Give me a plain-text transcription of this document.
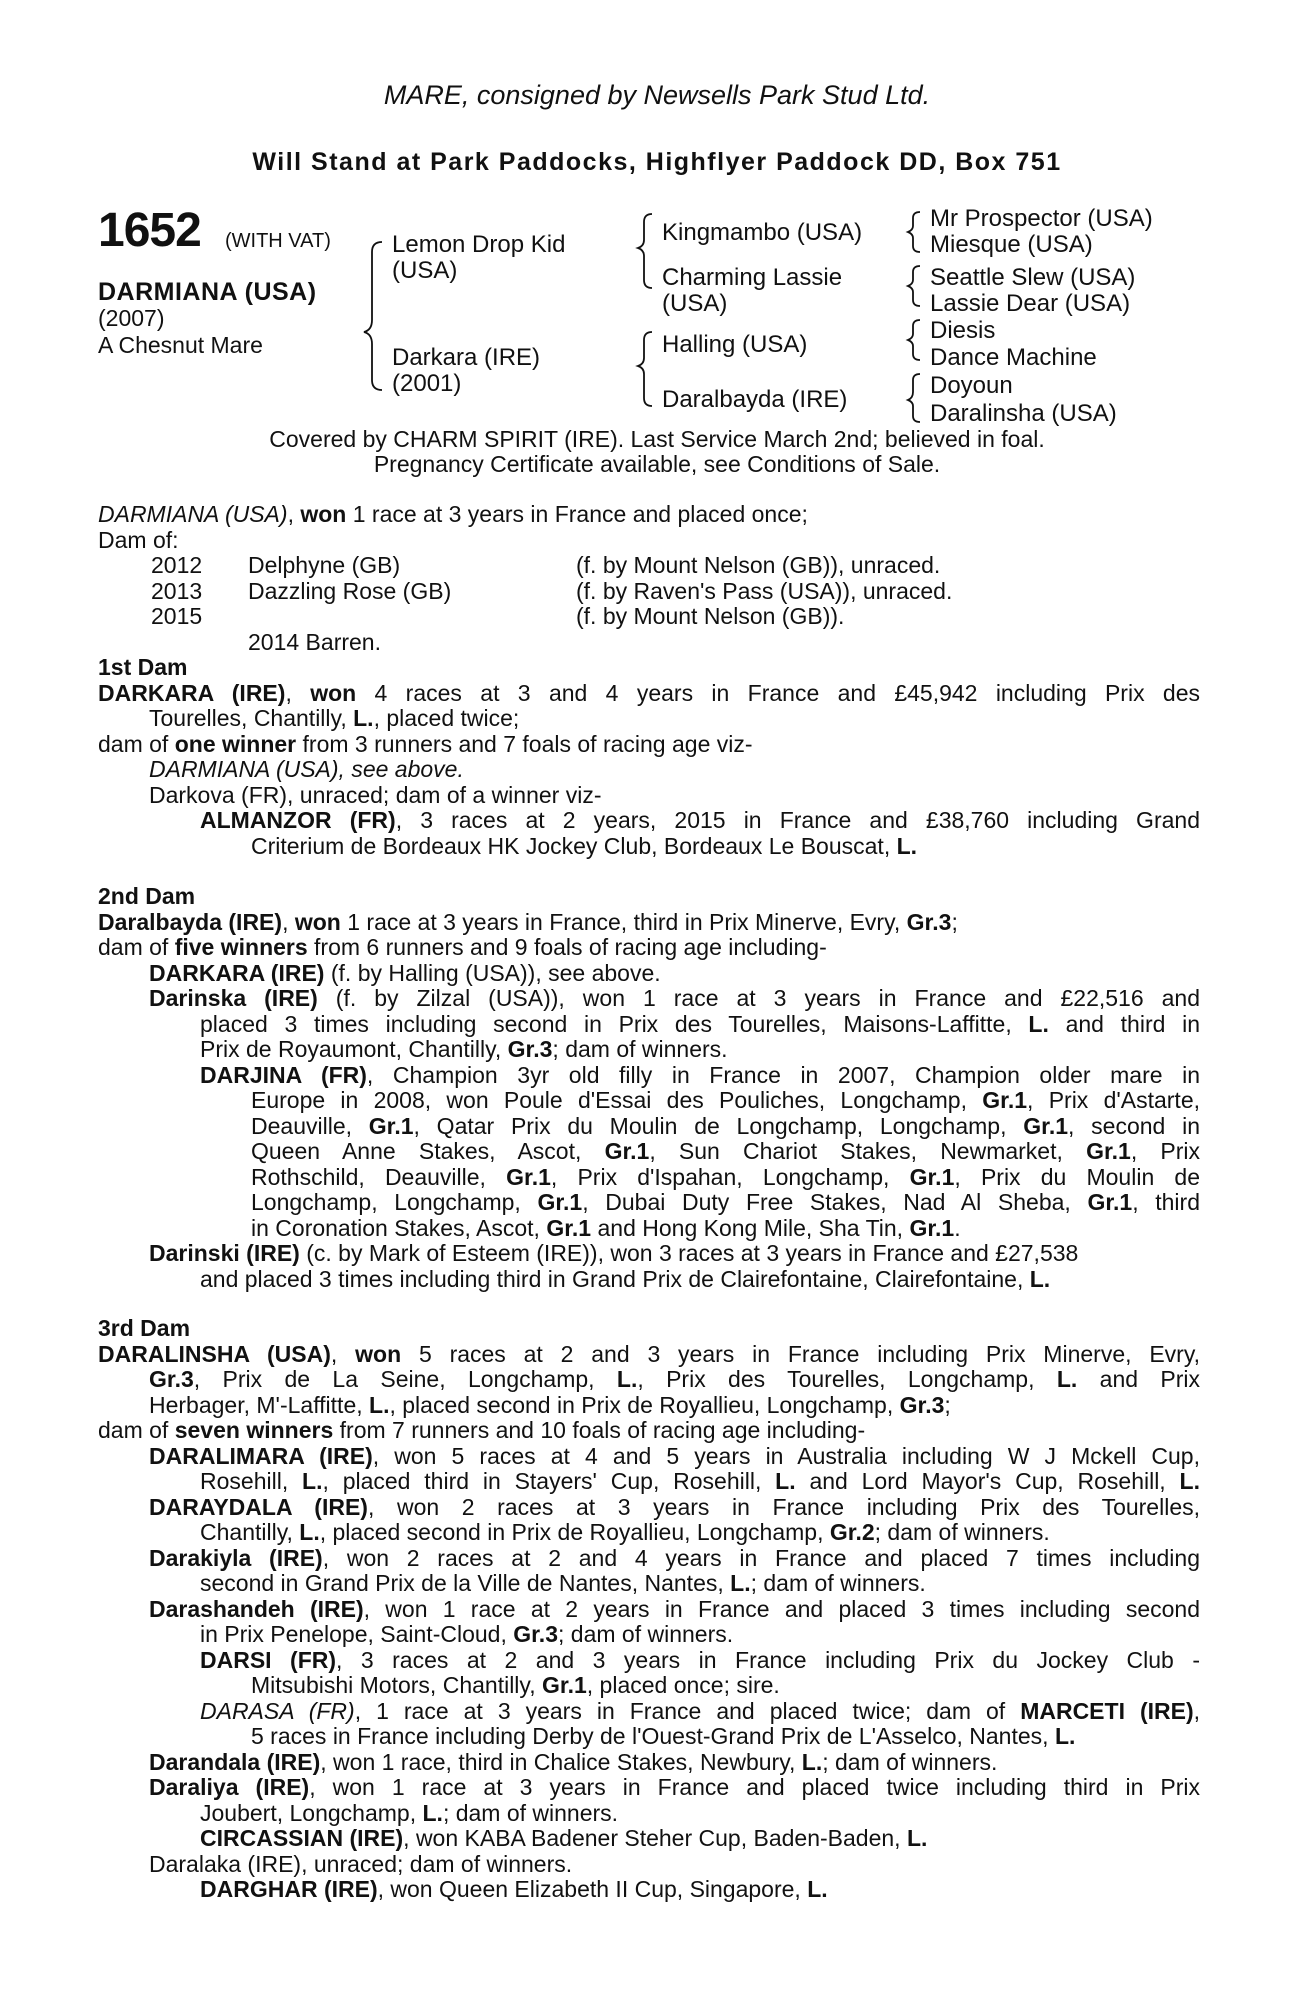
MARE, consigned by Newsells Park Stud Ltd.
Will Stand at Park Paddocks, Highflyer Paddock DD, Box 751
1652 (WITH VAT)
DARMIANA (USA)
(2007)
A Chesnut Mare
Lemon Drop Kid
(USA)
Darkara (IRE)
(2001)
Kingmambo (USA)
Charming Lassie
(USA)
Halling (USA)
Daralbayda (IRE)
Mr Prospector (USA)
Miesque (USA)
Seattle Slew (USA)
Lassie Dear (USA)
Diesis
Dance Machine
Doyoun
Daralinsha (USA)
Covered by CHARM SPIRIT (IRE). Last Service March 2nd; believed in foal.
Pregnancy Certificate available, see Conditions of Sale.
DARMIANA (USA), won 1 race at 3 years in France and placed once;
Dam of:
2012 Delphyne (GB)	(f. by Mount Nelson (GB)), unraced.
2013 Dazzling Rose (GB)	(f. by Raven's Pass (USA)), unraced.
2015	(f. by Mount Nelson (GB)).
2014 Barren.
1st Dam
DARKARA (IRE), won 4 races at 3 and 4 years in France and £45,942 including Prix des
Tourelles, Chantilly, L., placed twice;
dam of one winner from 3 runners and 7 foals of racing age viz-
DARMIANA (USA), see above.
Darkova (FR), unraced; dam of a winner viz-
ALMANZOR (FR), 3 races at 2 years, 2015 in France and £38,760 including Grand
Criterium de Bordeaux HK Jockey Club, Bordeaux Le Bouscat, L.
2nd Dam
Daralbayda (IRE), won 1 race at 3 years in France, third in Prix Minerve, Evry, Gr.3;
dam of five winners from 6 runners and 9 foals of racing age including-
DARKARA (IRE) (f. by Halling (USA)), see above.
Darinska (IRE) (f. by Zilzal (USA)), won 1 race at 3 years in France and £22,516 and
placed 3 times including second in Prix des Tourelles, Maisons-Laffitte, L. and third in
Prix de Royaumont, Chantilly, Gr.3; dam of winners.
DARJINA (FR), Champion 3yr old filly in France in 2007, Champion older mare in
Europe in 2008, won Poule d'Essai des Pouliches, Longchamp, Gr.1, Prix d'Astarte,
Deauville, Gr.1, Qatar Prix du Moulin de Longchamp, Longchamp, Gr.1, second in
Queen Anne Stakes, Ascot, Gr.1, Sun Chariot Stakes, Newmarket, Gr.1, Prix
Rothschild, Deauville, Gr.1, Prix d'Ispahan, Longchamp, Gr.1, Prix du Moulin de
Longchamp, Longchamp, Gr.1, Dubai Duty Free Stakes, Nad Al Sheba, Gr.1, third
in Coronation Stakes, Ascot, Gr.1 and Hong Kong Mile, Sha Tin, Gr.1.
Darinski (IRE) (c. by Mark of Esteem (IRE)), won 3 races at 3 years in France and £27,538
and placed 3 times including third in Grand Prix de Clairefontaine, Clairefontaine, L.
3rd Dam
DARALINSHA (USA), won 5 races at 2 and 3 years in France including Prix Minerve, Evry,
Gr.3, Prix de La Seine, Longchamp, L., Prix des Tourelles, Longchamp, L. and Prix
Herbager, M'-Laffitte, L., placed second in Prix de Royallieu, Longchamp, Gr.3;
dam of seven winners from 7 runners and 10 foals of racing age including-
DARALIMARA (IRE), won 5 races at 4 and 5 years in Australia including W J Mckell Cup,
Rosehill, L., placed third in Stayers' Cup, Rosehill, L. and Lord Mayor's Cup, Rosehill, L.
DARAYDALA (IRE), won 2 races at 3 years in France including Prix des Tourelles,
Chantilly, L., placed second in Prix de Royallieu, Longchamp, Gr.2; dam of winners.
Darakiyla (IRE), won 2 races at 2 and 4 years in France and placed 7 times including
second in Grand Prix de la Ville de Nantes, Nantes, L.; dam of winners.
Darashandeh (IRE), won 1 race at 2 years in France and placed 3 times including second
in Prix Penelope, Saint-Cloud, Gr.3; dam of winners.
DARSI (FR), 3 races at 2 and 3 years in France including Prix du Jockey Club -
Mitsubishi Motors, Chantilly, Gr.1, placed once; sire.
DARASA (FR), 1 race at 3 years in France and placed twice; dam of MARCETI (IRE),
5 races in France including Derby de l'Ouest-Grand Prix de L'Asselco, Nantes, L.
Darandala (IRE), won 1 race, third in Chalice Stakes, Newbury, L.; dam of winners.
Daraliya (IRE), won 1 race at 3 years in France and placed twice including third in Prix
Joubert, Longchamp, L.; dam of winners.
CIRCASSIAN (IRE), won KABA Badener Steher Cup, Baden-Baden, L.
Daralaka (IRE), unraced; dam of winners.
DARGHAR (IRE), won Queen Elizabeth II Cup, Singapore, L.
